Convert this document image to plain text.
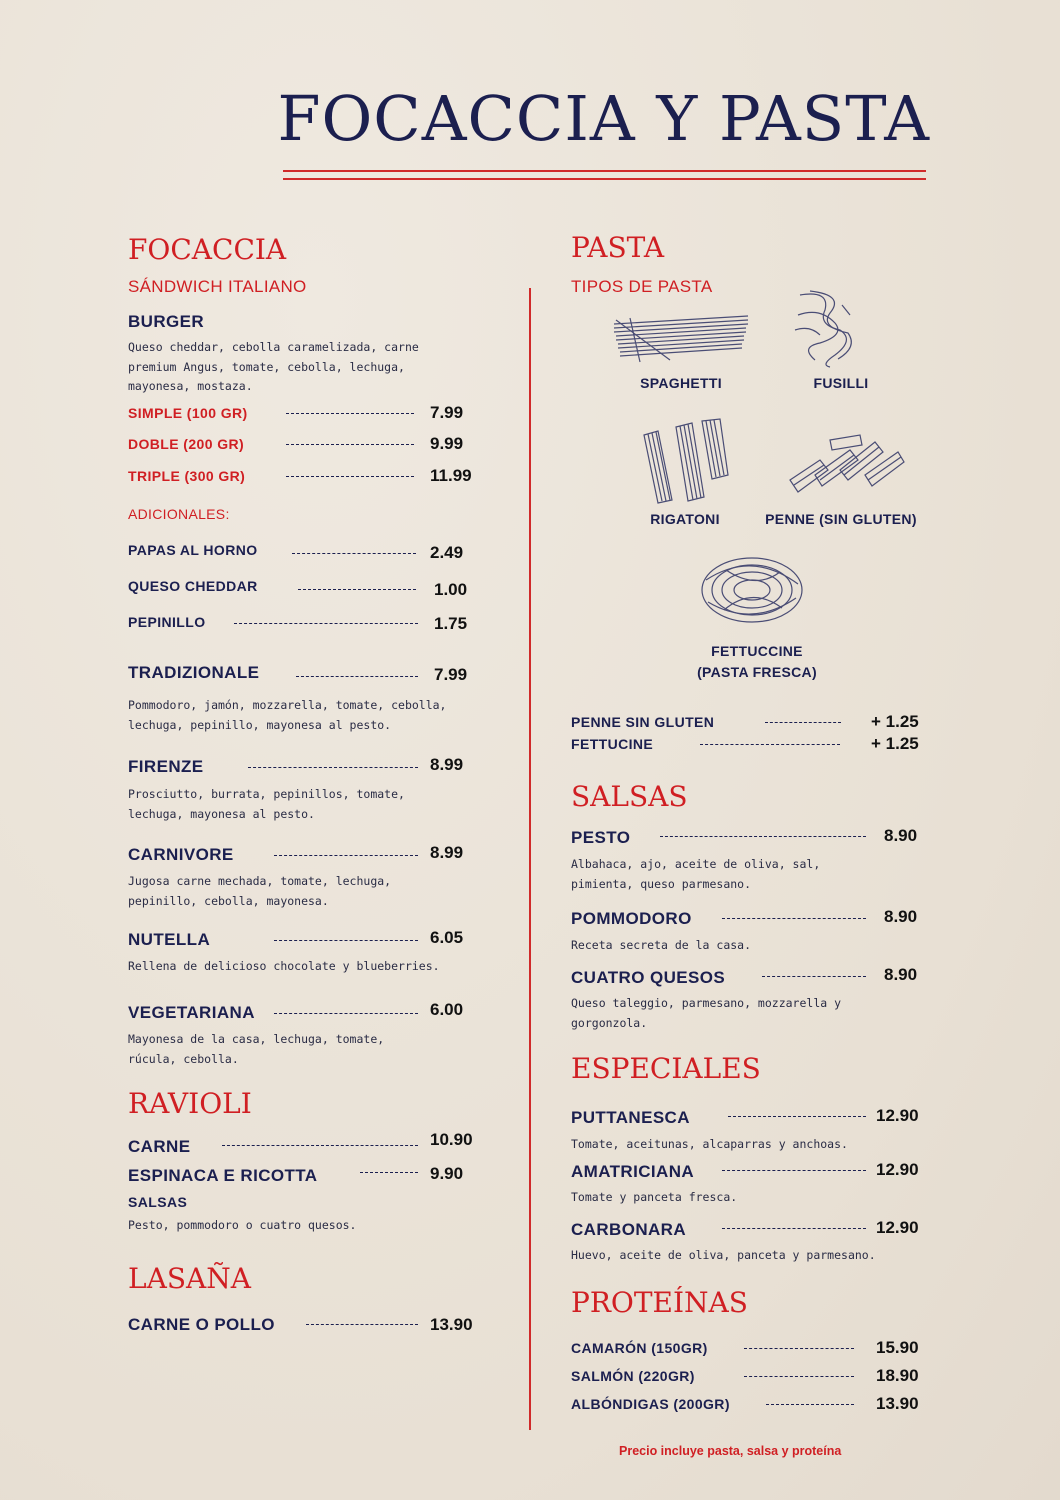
FOCACCIA Y PASTA
FOCACCIA
SÁNDWICH ITALIANO
BURGER
Queso cheddar, cebolla caramelizada, carne premium Angus, tomate, cebolla, lechuga, mayonesa, mostaza.
SIMPLE (100 GR)	7.99
DOBLE (200 GR)	9.99
TRIPLE (300 GR)	11.99
ADICIONALES:
PAPAS AL HORNO	2.49
QUESO CHEDDAR	1.00
PEPINILLO	1.75
TRADIZIONALE	7.99
Pommodoro, jamón, mozzarella, tomate, cebolla, lechuga, pepinillo, mayonesa al pesto.
FIRENZE	8.99
Prosciutto, burrata, pepinillos, tomate, lechuga, mayonesa al pesto.
CARNIVORE	8.99
Jugosa carne mechada, tomate, lechuga, pepinillo, cebolla, mayonesa.
NUTELLA	6.05
Rellena de delicioso chocolate y blueberries.
VEGETARIANA	6.00
Mayonesa de la casa, lechuga, tomate, rúcula, cebolla.
RAVIOLI
CARNE	10.90
ESPINACA E RICOTTA	9.90
SALSAS
Pesto, pommodoro o cuatro quesos.
LASAÑA
CARNE O POLLO	13.90
PASTA
TIPOS DE PASTA
SPAGHETTI	FUSILLI
RIGATONI	PENNE (SIN GLUTEN)
FETTUCCINE
(PASTA FRESCA)
PENNE SIN GLUTEN	+ 1.25
FETTUCINE	+ 1.25
SALSAS
PESTO	8.90
Albahaca, ajo, aceite de oliva, sal, pimienta, queso parmesano.
POMMODORO	8.90
Receta secreta de la casa.
CUATRO QUESOS	8.90
Queso taleggio, parmesano, mozzarella y gorgonzola.
ESPECIALES
PUTTANESCA	12.90
Tomate, aceitunas, alcaparras y anchoas.
AMATRICIANA	12.90
Tomate y panceta fresca.
CARBONARA	12.90
Huevo, aceite de oliva, panceta y parmesano.
PROTEÍNAS
CAMARÓN (150GR)	15.90
SALMÓN (220GR)	18.90
ALBÓNDIGAS (200GR)	13.90
Precio incluye pasta, salsa y proteína
